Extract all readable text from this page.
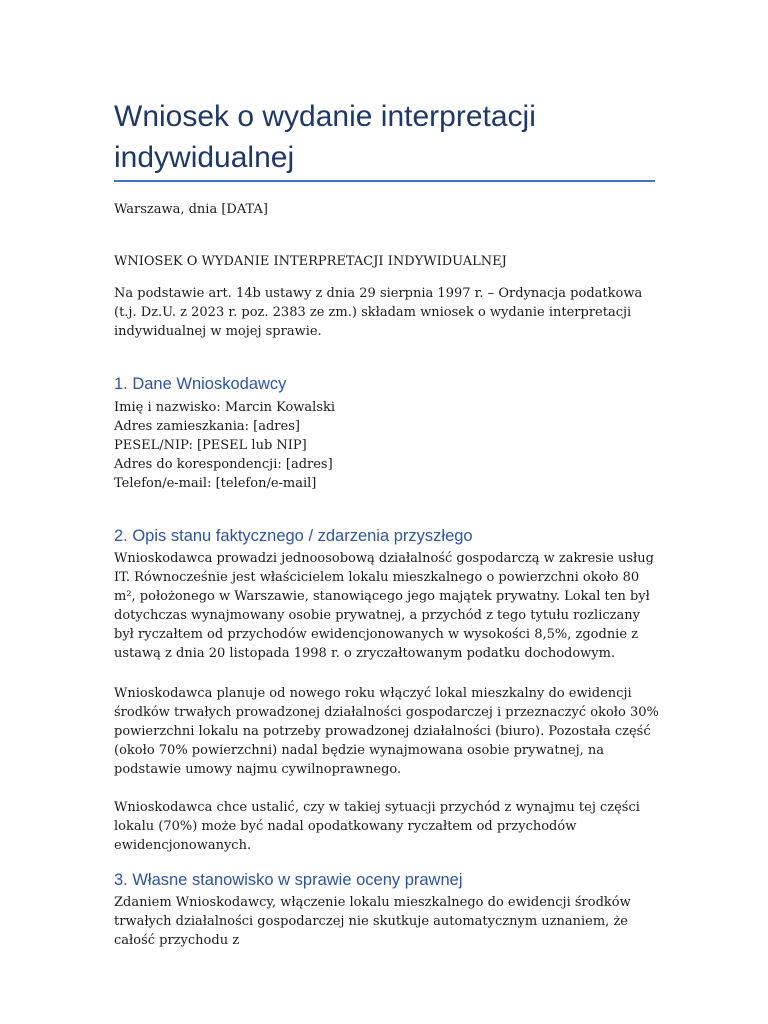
Wniosek o wydanie interpretacji indywidualnej

Warszawa, dnia [DATA]

WNIOSEK O WYDANIE INTERPRETACJI INDYWIDUALNEJ

Na podstawie art. 14b ustawy z dnia 29 sierpnia 1997 r. – Ordynacja podatkowa (t.j. Dz.U. z 2023 r. poz. 2383 ze zm.) składam wniosek o wydanie interpretacji indywidualnej w mojej sprawie.

1. Dane Wnioskodawcy
Imię i nazwisko: Marcin Kowalski
Adres zamieszkania: [adres]
PESEL/NIP: [PESEL lub NIP]
Adres do korespondencji: [adres]
Telefon/e-mail: [telefon/e-mail]
2. Opis stanu faktycznego / zdarzenia przyszłego

Wnioskodawca prowadzi jednoosobową działalność gospodarczą w zakresie usług IT. Równocześnie jest właścicielem lokalu mieszkalnego o powierzchni około 80 m², położonego w Warszawie, stanowiącego jego majątek prywatny. Lokal ten był dotychczas wynajmowany osobie prywatnej, a przychód z tego tytułu rozliczany był ryczałtem od przychodów ewidencjonowanych w wysokości 8,5%, zgodnie z ustawą z dnia 20 listopada 1998 r. o zryczałtowanym podatku dochodowym.

Wnioskodawca planuje od nowego roku włączyć lokal mieszkalny do ewidencji środków trwałych prowadzonej działalności gospodarczej i przeznaczyć około 30% powierzchni lokalu na potrzeby prowadzonej działalności (biuro). Pozostała część (około 70% powierzchni) nadal będzie wynajmowana osobie prywatnej, na podstawie umowy najmu cywilnoprawnego.

Wnioskodawca chce ustalić, czy w takiej sytuacji przychód z wynajmu tej części lokalu (70%) może być nadal opodatkowany ryczałtem od przychodów ewidencjonowanych.

3. Własne stanowisko w sprawie oceny prawnej

Zdaniem Wnioskodawcy, włączenie lokalu mieszkalnego do ewidencji środków trwałych działalności gospodarczej nie skutkuje automatycznym uznaniem, że całość przychodu z
